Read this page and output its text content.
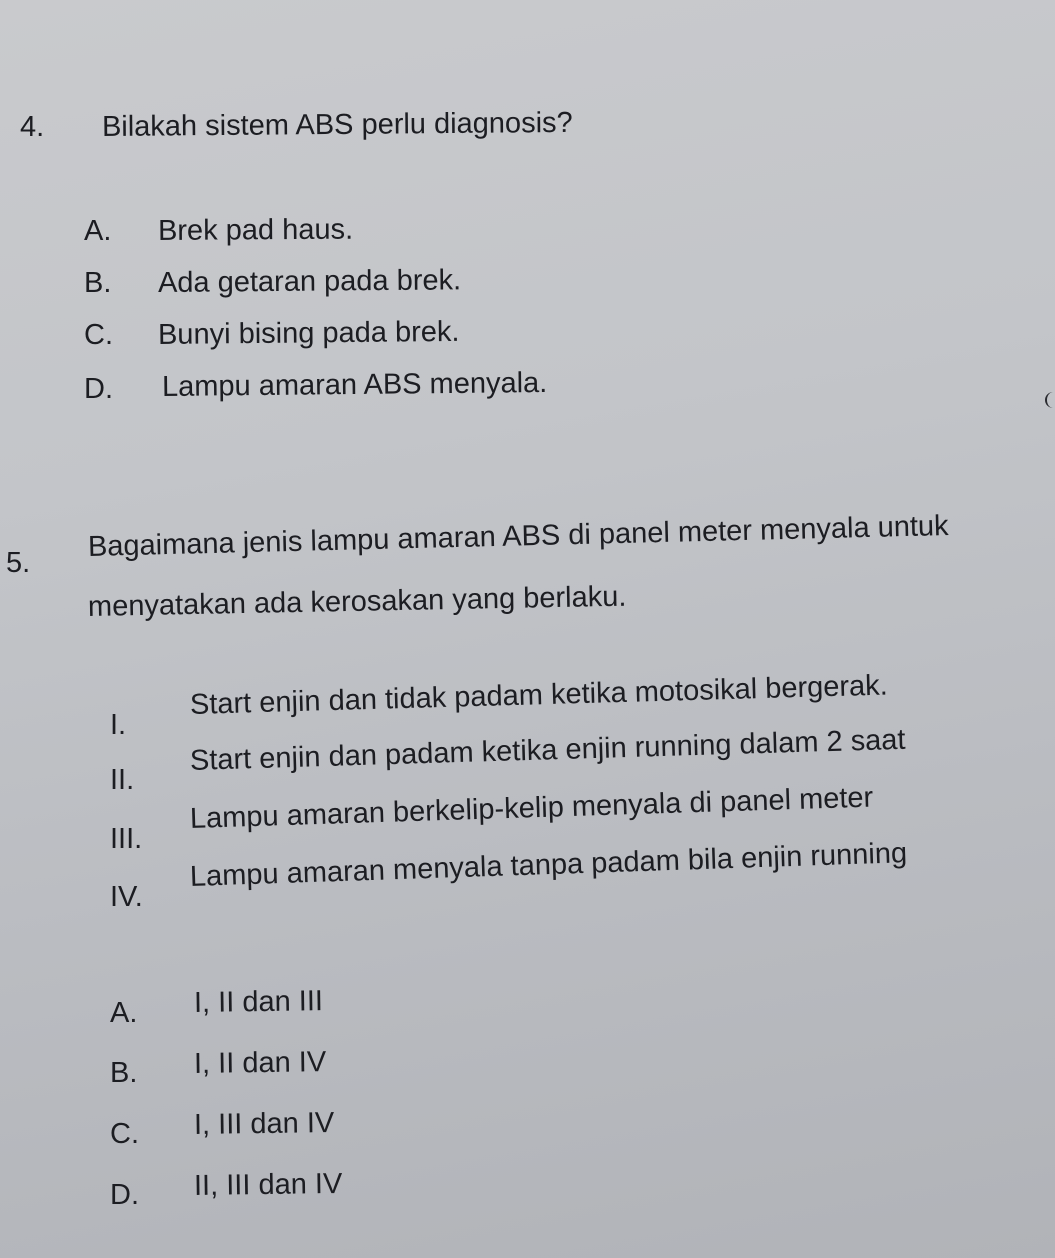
4. Bilakah sistem ABS perlu diagnosis?
A. Brek pad haus.
B. Ada getaran pada brek.
C. Bunyi bising pada brek.
D. Lampu amaran ABS menyala.
5.
Bagaimana jenis lampu amaran ABS di panel meter menyala untuk
menyatakan ada kerosakan yang berlaku.
I.
Start enjin dan tidak padam ketika motosikal bergerak.
II.
Start enjin dan padam ketika enjin running dalam 2 saat
III.
Lampu amaran berkelip-kelip menyala di panel meter
IV.
Lampu amaran menyala tanpa padam bila enjin running
A. I, II dan III
B. I, II dan IV
C. I, III dan IV
D. II, III dan IV
